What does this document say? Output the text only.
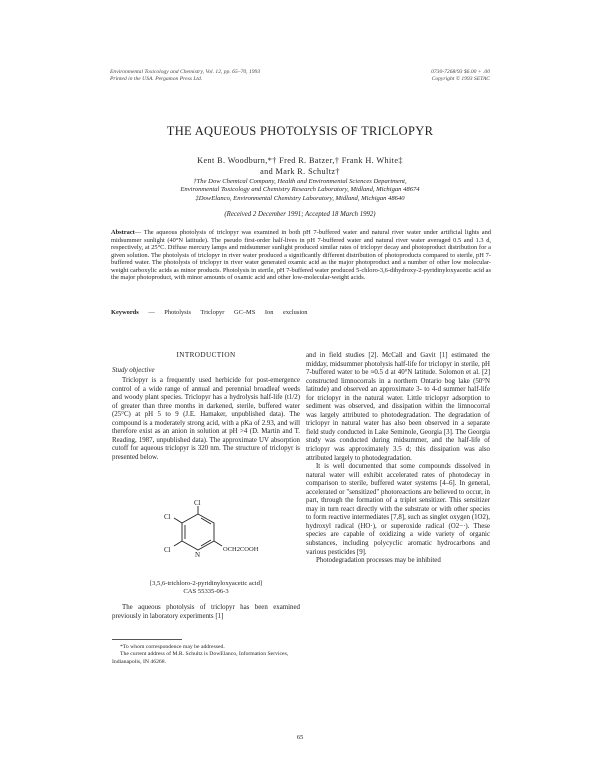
Environmental Toxicology and Chemistry, Vol. 12, pp. 65–70, 1993
Printed in the USA. Pergamon Press Ltd.
0730-7268/93 $6.00 + .00
Copyright © 1993 SETAC
THE AQUEOUS PHOTOLYSIS OF TRICLOPYR
Kent B. Woodburn,*† Fred R. Batzer,† Frank H. White‡
and Mark R. Schultz†
†The Dow Chemical Company, Health and Environmental Sciences Department,
Environmental Toxicology and Chemistry Research Laboratory, Midland, Michigan 48674
‡DowElanco, Environmental Chemistry Laboratory, Midland, Michigan 48640
(Received 2 December 1991; Accepted 18 March 1992)
Abstract— The aqueous photolysis of triclopyr was examined in both pH 7-buffered water and natural river water under artificial lights and midsummer sunlight (40°N latitude). The pseudo first-order half-lives in pH 7-buffered water and natural river water averaged 0.5 and 1.3 d, respectively, at 25°C. Diffuse mercury lamps and midsummer sunlight produced similar rates of triclopyr decay and photoproduct distribution for a given solution. The photolysis of triclopyr in river water produced a significantly different distribution of photoproducts compared to sterile, pH 7-buffered water. The photolysis of triclopyr in river water generated oxamic acid as the major photoproduct and a number of other low molecular-weight carboxylic acids as minor products. Photolysis in sterile, pH 7-buffered water produced 5-chloro-3,6-dihydroxy-2-pyridinyloxyacetic acid as the major photoproduct, with minor amounts of oxamic acid and other low-molecular-weight acids.
Keywords — Photolysis Triclopyr GC–MS Ion exclusion
INTRODUCTION
Study objective

Triclopyr is a frequently used herbicide for post-emergence control of a wide range of annual and perennial broadleaf weeds and woody plant species. Triclopyr has a hydrolysis half-life (t1/2) of greater than three months in darkened, sterile, buffered water (25°C) at pH 5 to 9 (J.E. Hamaker, unpublished data). The compound is a moderately strong acid, with a pKa of 2.93, and will therefore exist as an anion in solution at pH >4 (D. Martin and T. Reading, 1987, unpublished data). The approximate UV absorption cutoff for aqueous triclopyr is 320 nm. The structure of triclopyr is presented below.

Cl
Cl
Cl
N
OCH2COOH
[3,5,6-trichloro-2-pyridinyloxyacetic acid]
CAS 55335-06-3

The aqueous photolysis of triclopyr has been examined previously in laboratory experiments [1]

*To whom correspondence may be addressed.
The current address of M.R. Schultz is DowElanco, Information Services, Indianapolis, IN 46268.

and in field studies [2]. McCall and Gavit [1] estimated the midday, midsummer photolysis half-life for triclopyr in sterile, pH 7-buffered water to be ≈0.5 d at 40°N latitude. Solomon et al. [2] constructed limnocorrals in a northern Ontario bog lake (50°N latitude) and observed an approximate 3- to 4-d summer half-life for triclopyr in the natural water. Little triclopyr adsorption to sediment was observed, and dissipation within the limnocorral was largely attributed to photodegradation. The degradation of triclopyr in natural water has also been observed in a separate field study conducted in Lake Seminole, Georgia [3]. The Georgia study was conducted during midsummer, and the half-life of triclopyr was approximately 3.5 d; this dissipation was also attributed largely to photodegradation.

It is well documented that some compounds dissolved in natural water will exhibit accelerated rates of photodecay in comparison to sterile, buffered water systems [4–6]. In general, accelerated or "sensitized" photoreactions are believed to occur, in part, through the formation of a triplet sensitizer. This sensitizer may in turn react directly with the substrate or with other species to form reactive intermediates [7,8], such as singlet oxygen (1O2), hydroxyl radical (HO·), or superoxide radical (O2−·). These species are capable of oxidizing a wide variety of organic substances, including polycyclic aromatic hydrocarbons and various pesticides [9].

Photodegradation processes may be inhibited

65
